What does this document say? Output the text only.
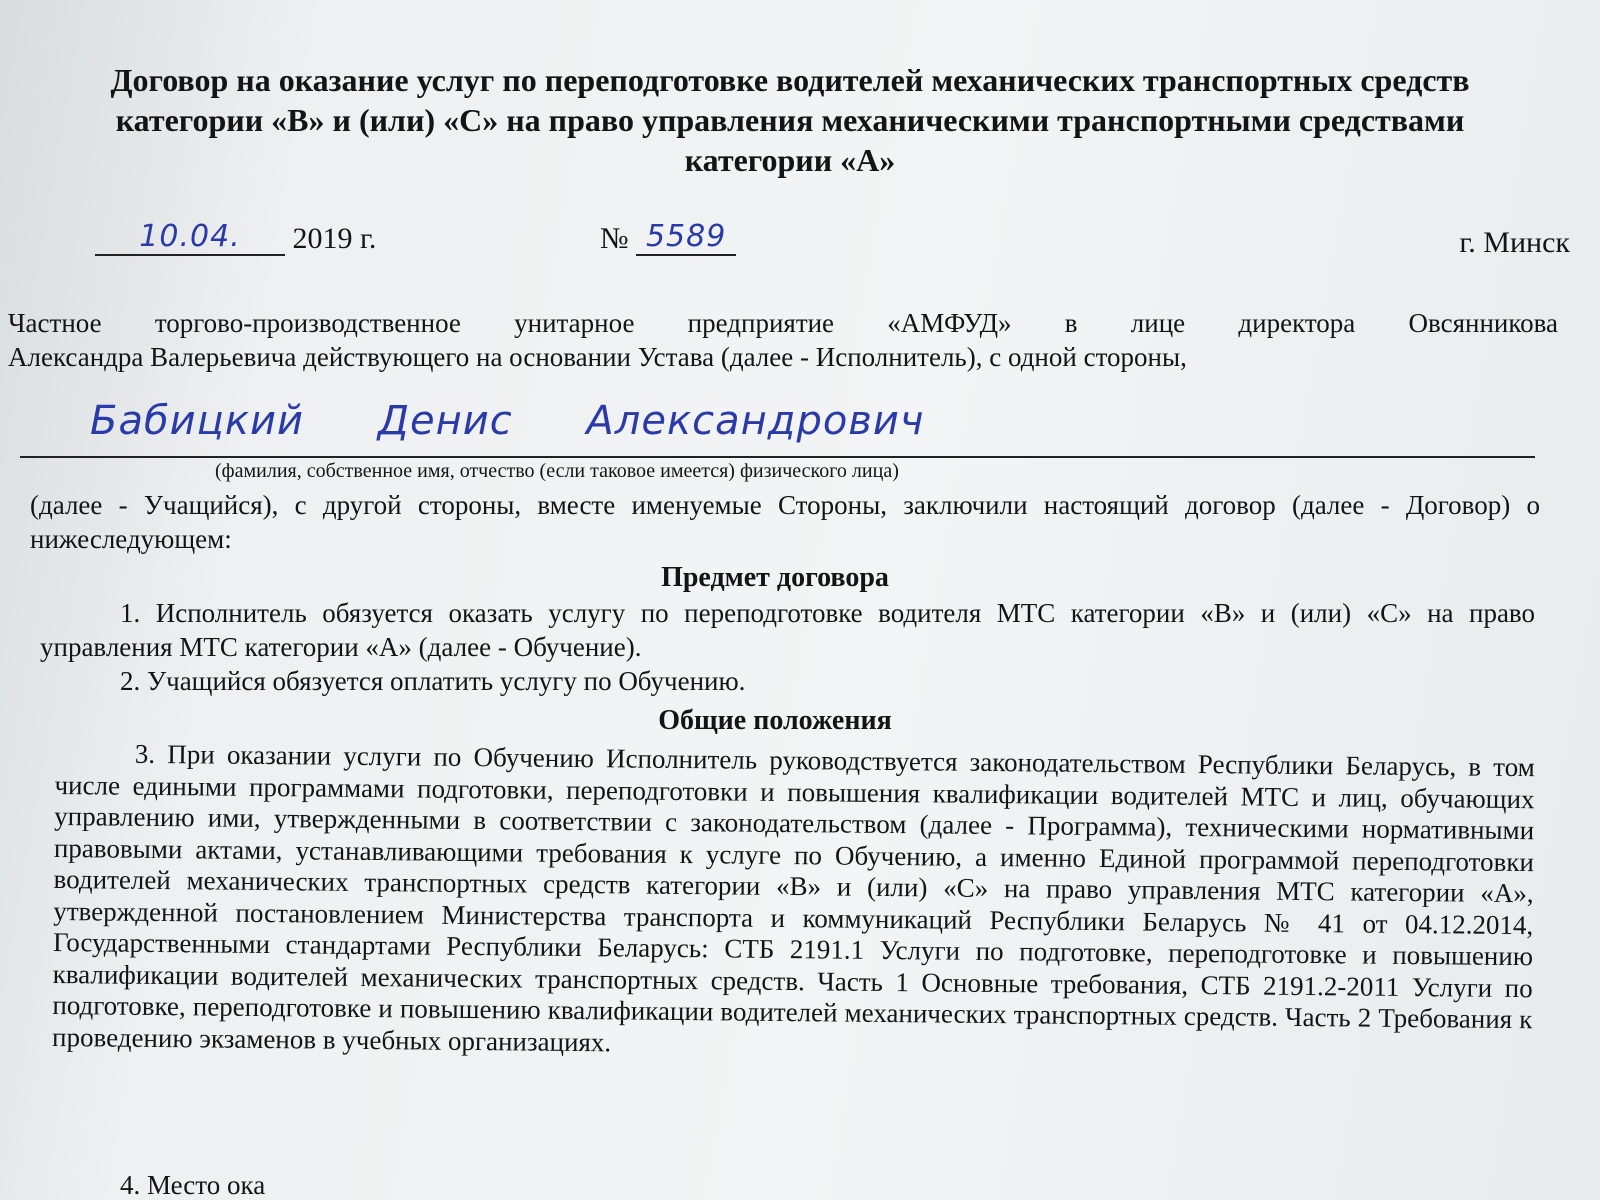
Договор на оказание услуг по переподготовке водителей механических транспортных средств
категории «В» и (или) «С» на право управления механическими транспортными средствами
категории «А»
10.04. 2019 г.	№ 5589	г. Минск
Частное торгово-производственное унитарное предприятие «АМФУД» в лице директора Овсянникова
Александра Валерьевича действующего на основании Устава (далее - Исполнитель), с одной стороны,
Бабицкий Денис Александрович
(фамилия, собственное имя, отчество (если таковое имеется) физического лица)
(далее - Учащийся), с другой стороны, вместе именуемые Стороны, заключили настоящий договор (далее - Договор) о нижеследующем:
Предмет договора

1. Исполнитель обязуется оказать услугу по переподготовке водителя МТС категории «В» и (или) «С» на право управления МТС категории «А» (далее - Обучение).

2. Учащийся обязуется оплатить услугу по Обучению.

Общие положения
3. При оказании услуги по Обучению Исполнитель руководствуется законодательством Республики Беларусь, в том числе едиными программами подготовки, переподготовки и повышения квалификации водителей МТС и лиц, обучающих управлению ими, утвержденными в соответствии с законодательством (далее - Программа), техническими нормативными правовыми актами, устанавливающими требования к услуге по Обучению, а именно Единой программой переподготовки водителей механических транспортных средств категории «В» и (или) «С» на право управления МТС категории «А», утвержденной постановлением Министерства транспорта и коммуникаций Республики Беларусь № 41 от 04.12.2014, Государственными стандартами Республики Беларусь: СТБ 2191.1 Услуги по подготовке, переподготовке и повышению квалификации водителей механических транспортных средств. Часть 1 Основные требования, СТБ 2191.2-2011 Услуги по подготовке, переподготовке и повышению квалификации водителей механических транспортных средств. Часть 2 Требования к проведению экзаменов в учебных организациях.
4. Место ока
